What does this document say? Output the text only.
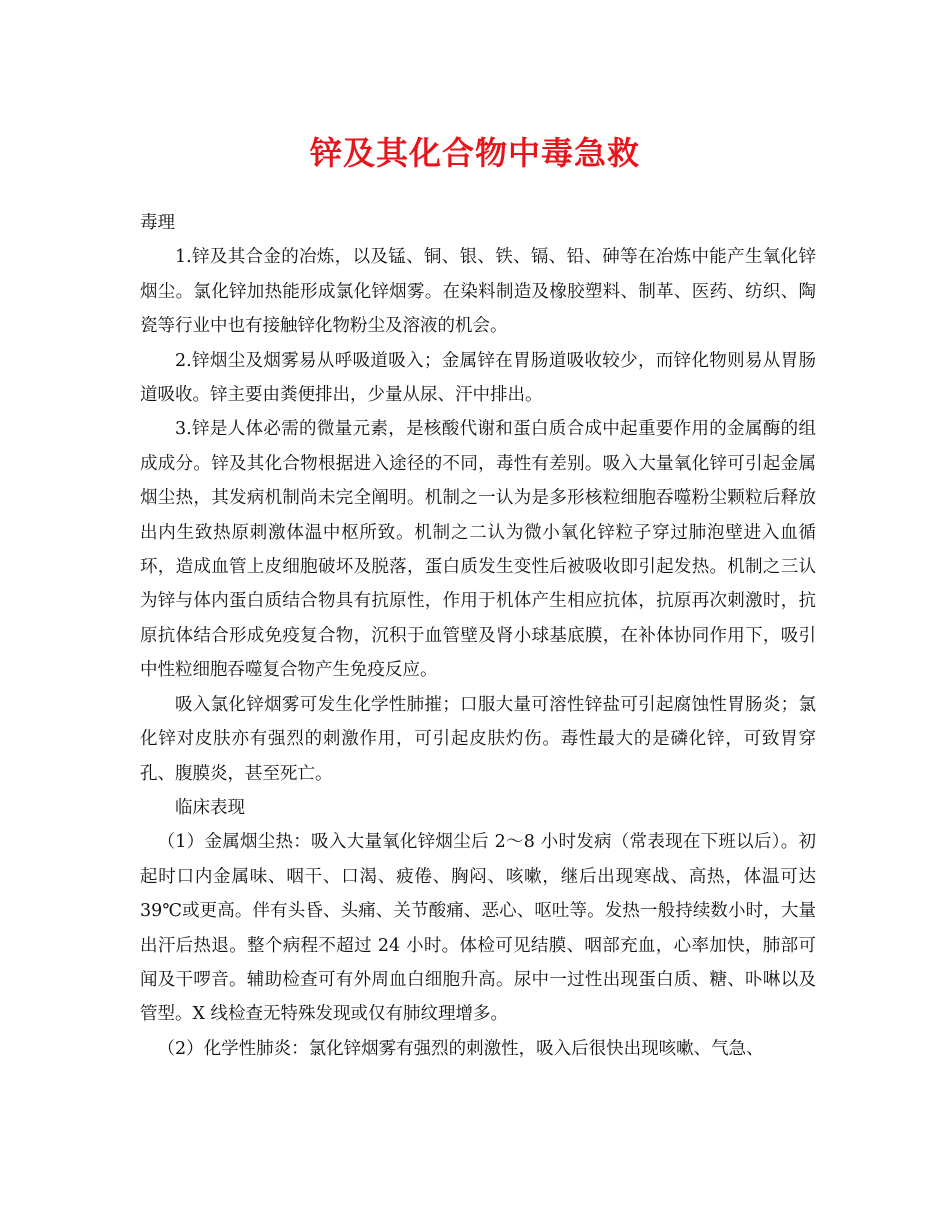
锌及其化合物中毒急救

毒理

1.锌及其合金的冶炼，以及锰、铜、银、铁、镉、铅、砷等在冶炼中能产生氧化锌烟尘。氯化锌加热能形成氯化锌烟雾。在染料制造及橡胶塑料、制革、医药、纺织、陶瓷等行业中也有接触锌化物粉尘及溶液的机会。

2.锌烟尘及烟雾易从呼吸道吸入；金属锌在胃肠道吸收较少，而锌化物则易从胃肠道吸收。锌主要由粪便排出，少量从尿、汗中排出。

3.锌是人体必需的微量元素，是核酸代谢和蛋白质合成中起重要作用的金属酶的组成成分。锌及其化合物根据进入途径的不同，毒性有差别。吸入大量氧化锌可引起金属烟尘热，其发病机制尚未完全阐明。机制之一认为是多形核粒细胞吞噬粉尘颗粒后释放出内生致热原刺激体温中枢所致。机制之二认为微小氧化锌粒子穿过肺泡壁进入血循环，造成血管上皮细胞破坏及脱落，蛋白质发生变性后被吸收即引起发热。机制之三认为锌与体内蛋白质结合物具有抗原性，作用于机体产生相应抗体，抗原再次刺激时，抗原抗体结合形成免疫复合物，沉积于血管壁及肾小球基底膜，在补体协同作用下，吸引中性粒细胞吞噬复合物产生免疫反应。

吸入氯化锌烟雾可发生化学性肺摧；口服大量可溶性锌盐可引起腐蚀性胃肠炎；氯化锌对皮肤亦有强烈的刺激作用，可引起皮肤灼伤。毒性最大的是磷化锌，可致胃穿孔、腹膜炎，甚至死亡。

临床表现

（1）金属烟尘热：吸入大量氧化锌烟尘后 2～8 小时发病（常表现在下班以后）。初起时口内金属味、咽干、口渴、疲倦、胸闷、咳嗽，继后出现寒战、高热，体温可达 39℃或更高。伴有头昏、头痛、关节酸痛、恶心、呕吐等。发热一般持续数小时，大量出汗后热退。整个病程不超过 24 小时。体检可见结膜、咽部充血，心率加快，肺部可闻及干啰音。辅助检查可有外周血白细胞升高。尿中一过性出现蛋白质、糖、卟啉以及管型。X 线检查无特殊发现或仅有肺纹理增多。

（2）化学性肺炎：氯化锌烟雾有强烈的刺激性，吸入后很快出现咳嗽、气急、
